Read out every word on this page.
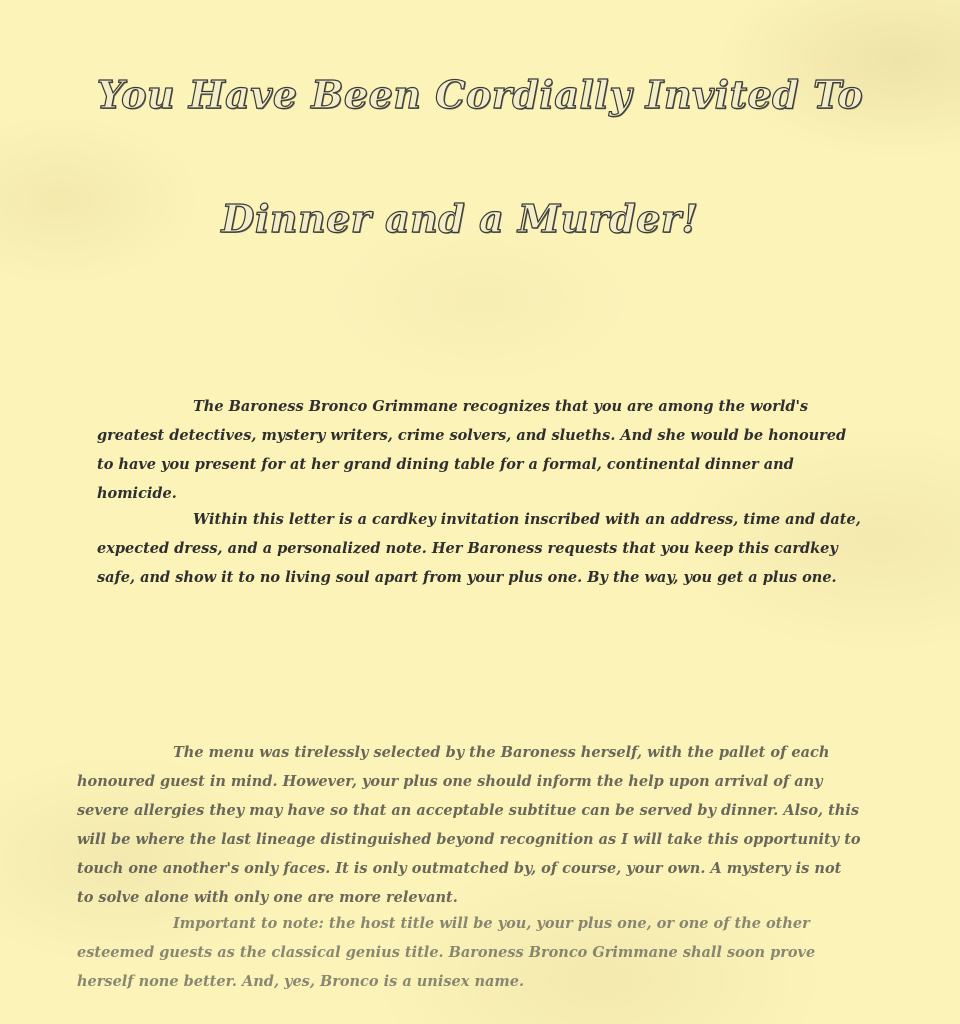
You Have Been Cordially Invited To
Dinner and a Murder!

The Baroness Bronco Grimmane recognizes that you are among the world's greatest detectives, mystery writers, crime solvers, and slueths. And she would be honoured to have you present for at her grand dining table for a formal, continental dinner and homicide.

Within this letter is a cardkey invitation inscribed with an address, time and date, expected dress, and a personalized note. Her Baroness requests that you keep this cardkey safe, and show it to no living soul apart from your plus one. By the way, you get a plus one.

The menu was tirelessly selected by the Baroness herself, with the pallet of each honoured guest in mind. However, your plus one should inform the help upon arrival of any severe allergies they may have so that an acceptable subtitue can be served by dinner. Also, this will be where the last lineage distinguished beyond recognition as I will take this opportunity to touch one another's only faces. It is only outmatched by, of course, your own. A mystery is not to solve alone with only one are more relevant.

Important to note: the host title will be you, your plus one, or one of the other esteemed guests as the classical genius title. Baroness Bronco Grimmane shall soon prove herself none better. And, yes, Bronco is a unisex name.
